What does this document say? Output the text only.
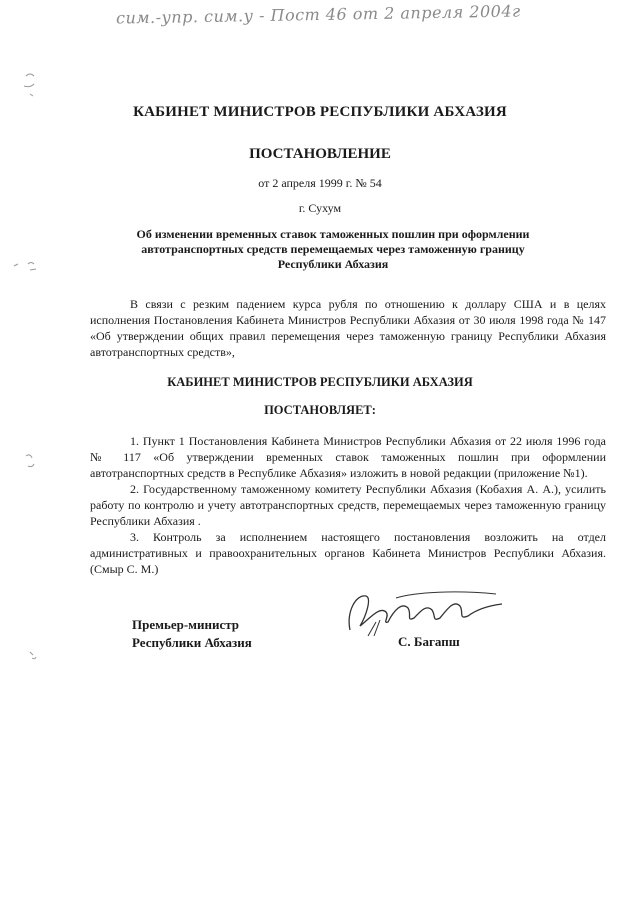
сим.-упр. сим.у - Пост 46 от 2 апреля 2004г
КАБИНЕТ МИНИСТРОВ РЕСПУБЛИКИ АБХАЗИЯ
ПОСТАНОВЛЕНИЕ
от 2 апреля 1999 г. № 54
г. Сухум
Об изменении временных ставок таможенных пошлин при оформлении автотранспортных средств перемещаемых через таможенную границу Республики Абхазия
В связи с резким падением курса рубля по отношению к доллару США и в целях исполнения Постановления Кабинета Министров Республики Абхазия от 30 июля 1998 года № 147 «Об утверждении общих правил перемещения через таможенную границу Республики Абхазия автотранспортных средств»,
КАБИНЕТ МИНИСТРОВ РЕСПУБЛИКИ АБХАЗИЯ
ПОСТАНОВЛЯЕТ:

1. Пункт 1 Постановления Кабинета Министров Республики Абхазия от 22 июля 1996 года № 117 «Об утверждении временных ставок таможенных пошлин при оформлении автотранспортных средств в Республике Абхазия» изложить в новой редакции (приложение №1).

2. Государственному таможенному комитету Республики Абхазия (Кобахия А. А.), усилить работу по контролю и учету автотранспортных средств, перемещаемых через таможенную границу Республики Абхазия .

3. Контроль за исполнением настоящего постановления возложить на отдел административных и правоохранительных органов Кабинета Министров Республики Абхазия. (Смыр С. М.)

Премьер-министр
Республики Абхазия	С. Багапш
